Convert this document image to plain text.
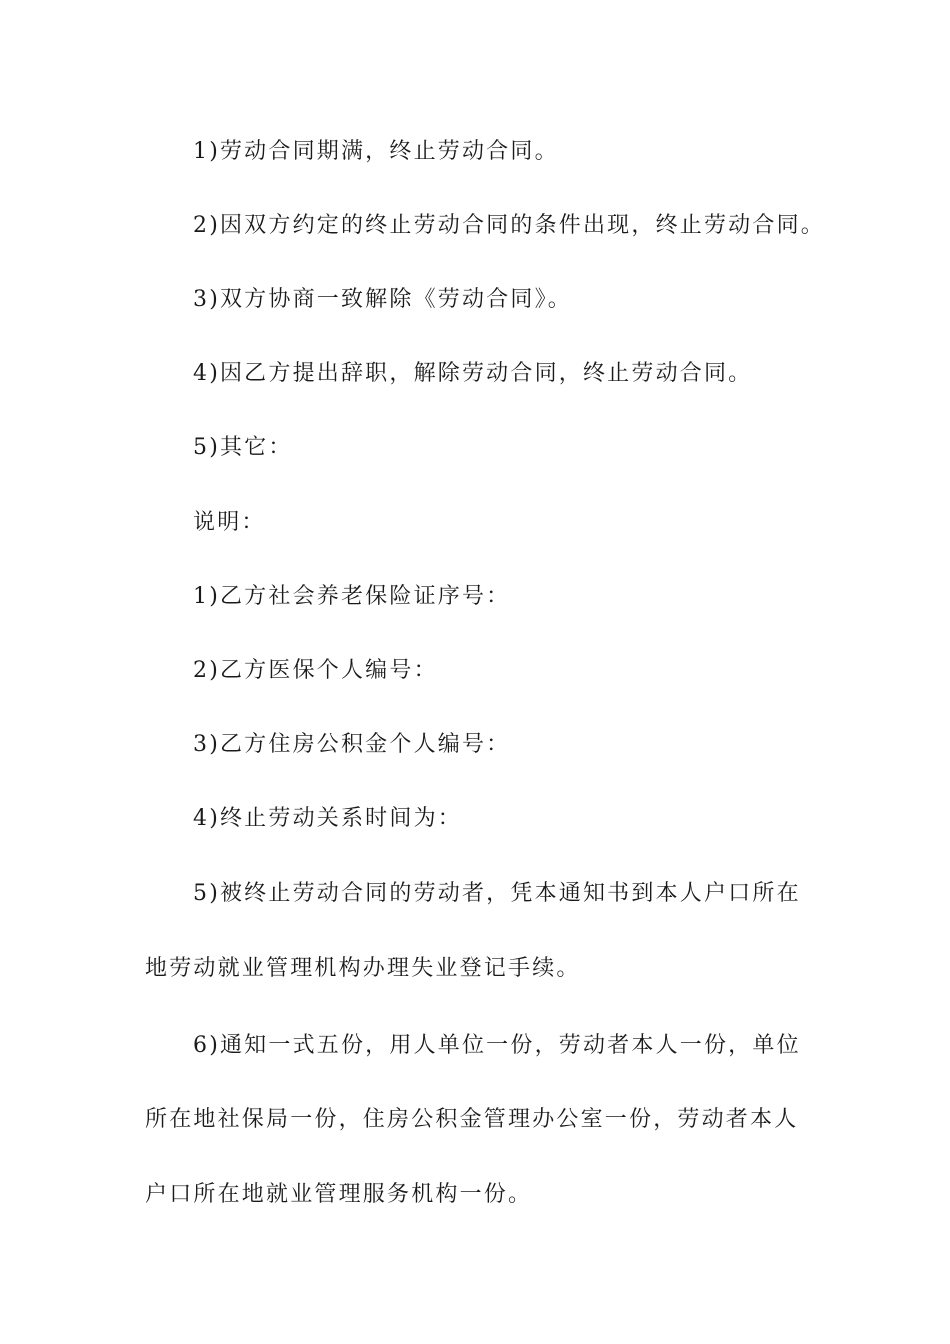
1)劳动合同期满，终止劳动合同。
2)因双方约定的终止劳动合同的条件出现，终止劳动合同。
3)双方协商一致解除《劳动合同》。
4)因乙方提出辞职，解除劳动合同，终止劳动合同。
5)其它：
说明：
1)乙方社会养老保险证序号：
2)乙方医保个人编号：
3)乙方住房公积金个人编号：
4)终止劳动关系时间为：
5)被终止劳动合同的劳动者，凭本通知书到本人户口所在
地劳动就业管理机构办理失业登记手续。
6)通知一式五份，用人单位一份，劳动者本人一份，单位
所在地社保局一份，住房公积金管理办公室一份，劳动者本人
户口所在地就业管理服务机构一份。
